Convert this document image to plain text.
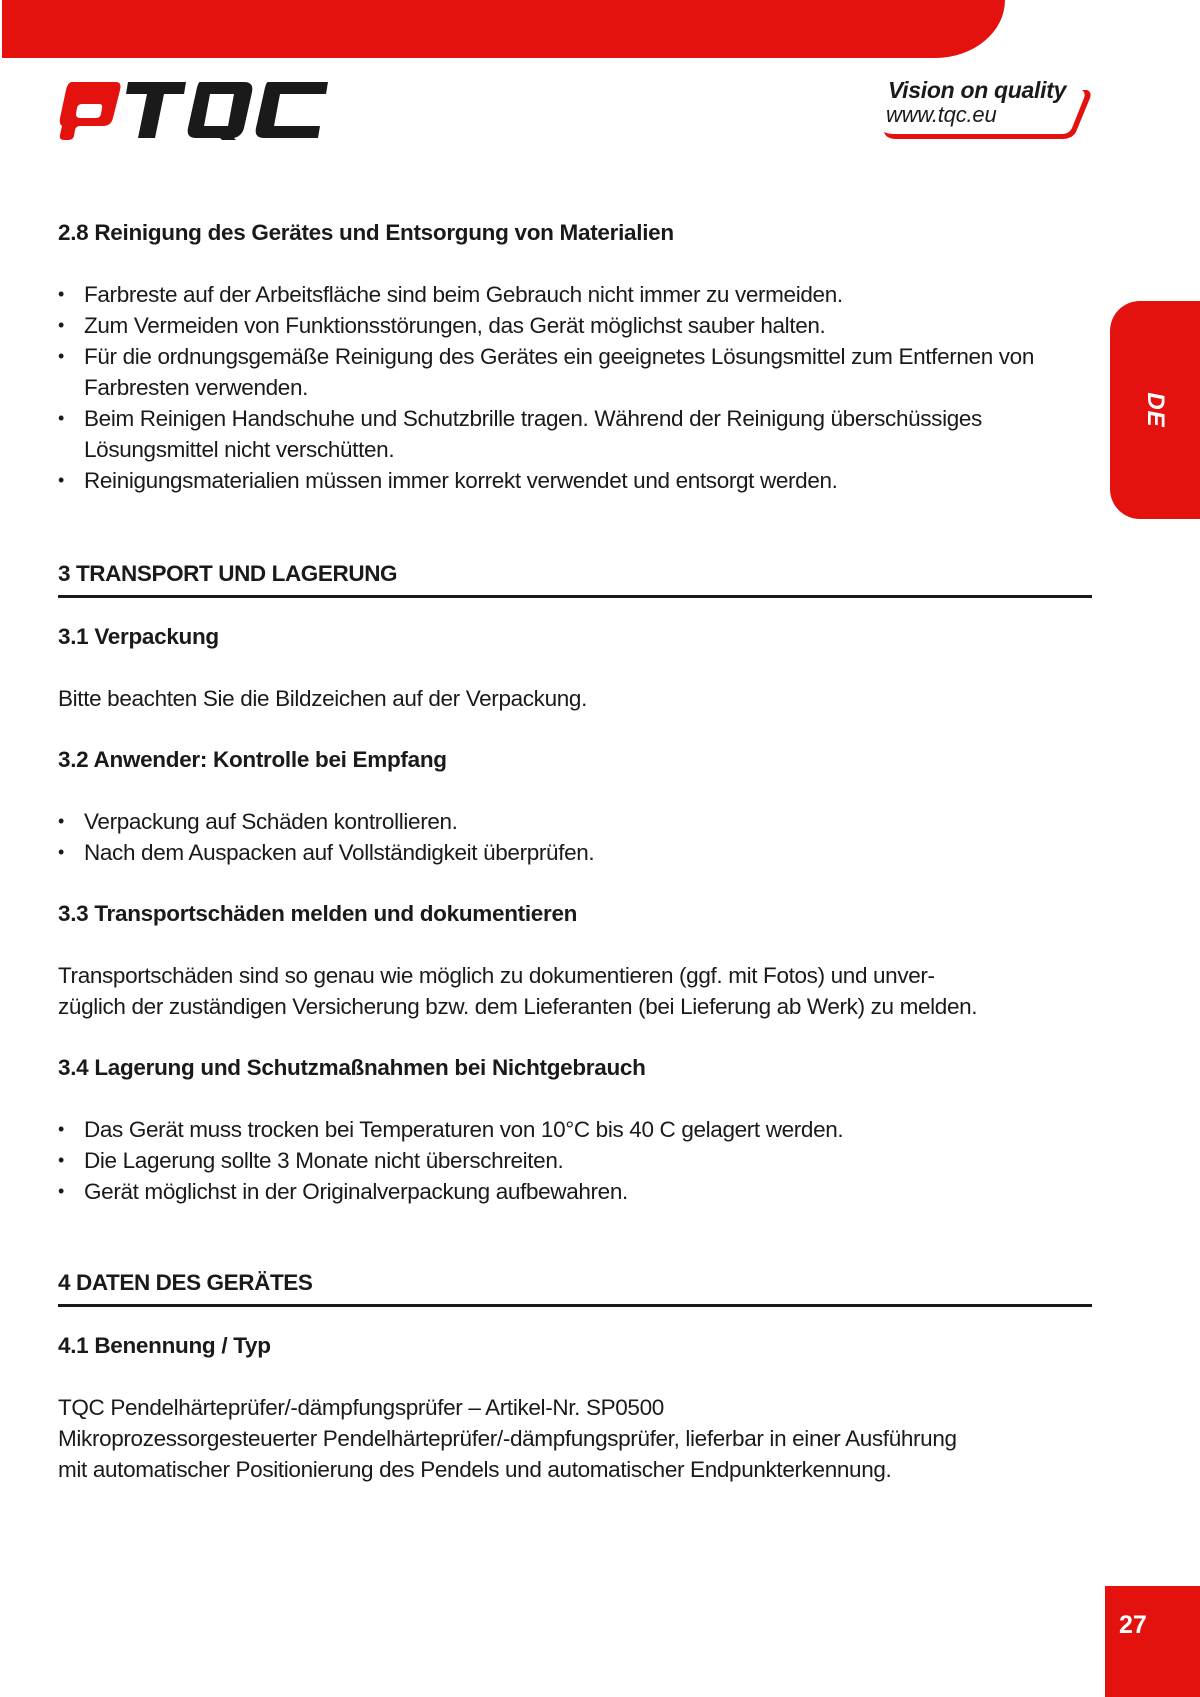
Vision on quality
www.tqc.eu
DE
2.8 Reinigung des Gerätes und Entsorgung von Materialien
• Farbreste auf der Arbeitsfläche sind beim Gebrauch nicht immer zu vermeiden.
• Zum Vermeiden von Funktionsstörungen, das Gerät möglichst sauber halten.
• Für die ordnungsgemäße Reinigung des Gerätes ein geeignetes Lösungsmittel zum Entfernen von Farbresten verwenden.
• Beim Reinigen Handschuhe und Schutzbrille tragen. Während der Reinigung überschüssiges Lösungsmittel nicht verschütten.
• Reinigungsmaterialien müssen immer korrekt verwendet und entsorgt werden.
3 TRANSPORT UND LAGERUNG
3.1 Verpackung

Bitte beachten Sie die Bildzeichen auf der Verpackung.

3.2 Anwender: Kontrolle bei Empfang
• Verpackung auf Schäden kontrollieren.
• Nach dem Auspacken auf Vollständigkeit überprüfen.
3.3 Transportschäden melden und dokumentieren

Transportschäden sind so genau wie möglich zu dokumentieren (ggf. mit Fotos) und unver-

züglich der zuständigen Versicherung bzw. dem Lieferanten (bei Lieferung ab Werk) zu melden.

3.4 Lagerung und Schutzmaßnahmen bei Nichtgebrauch
• Das Gerät muss trocken bei Temperaturen von 10°C bis 40 C gelagert werden.
• Die Lagerung sollte 3 Monate nicht überschreiten.
• Gerät möglichst in der Originalverpackung aufbewahren.
4 DATEN DES GERÄTES
4.1 Benennung / Typ

TQC Pendelhärteprüfer/-dämpfungsprüfer – Artikel-Nr. SP0500

Mikroprozessorgesteuerter Pendelhärteprüfer/-dämpfungsprüfer, lieferbar in einer Ausführung

mit automatischer Positionierung des Pendels und automatischer Endpunkterkennung.

27
